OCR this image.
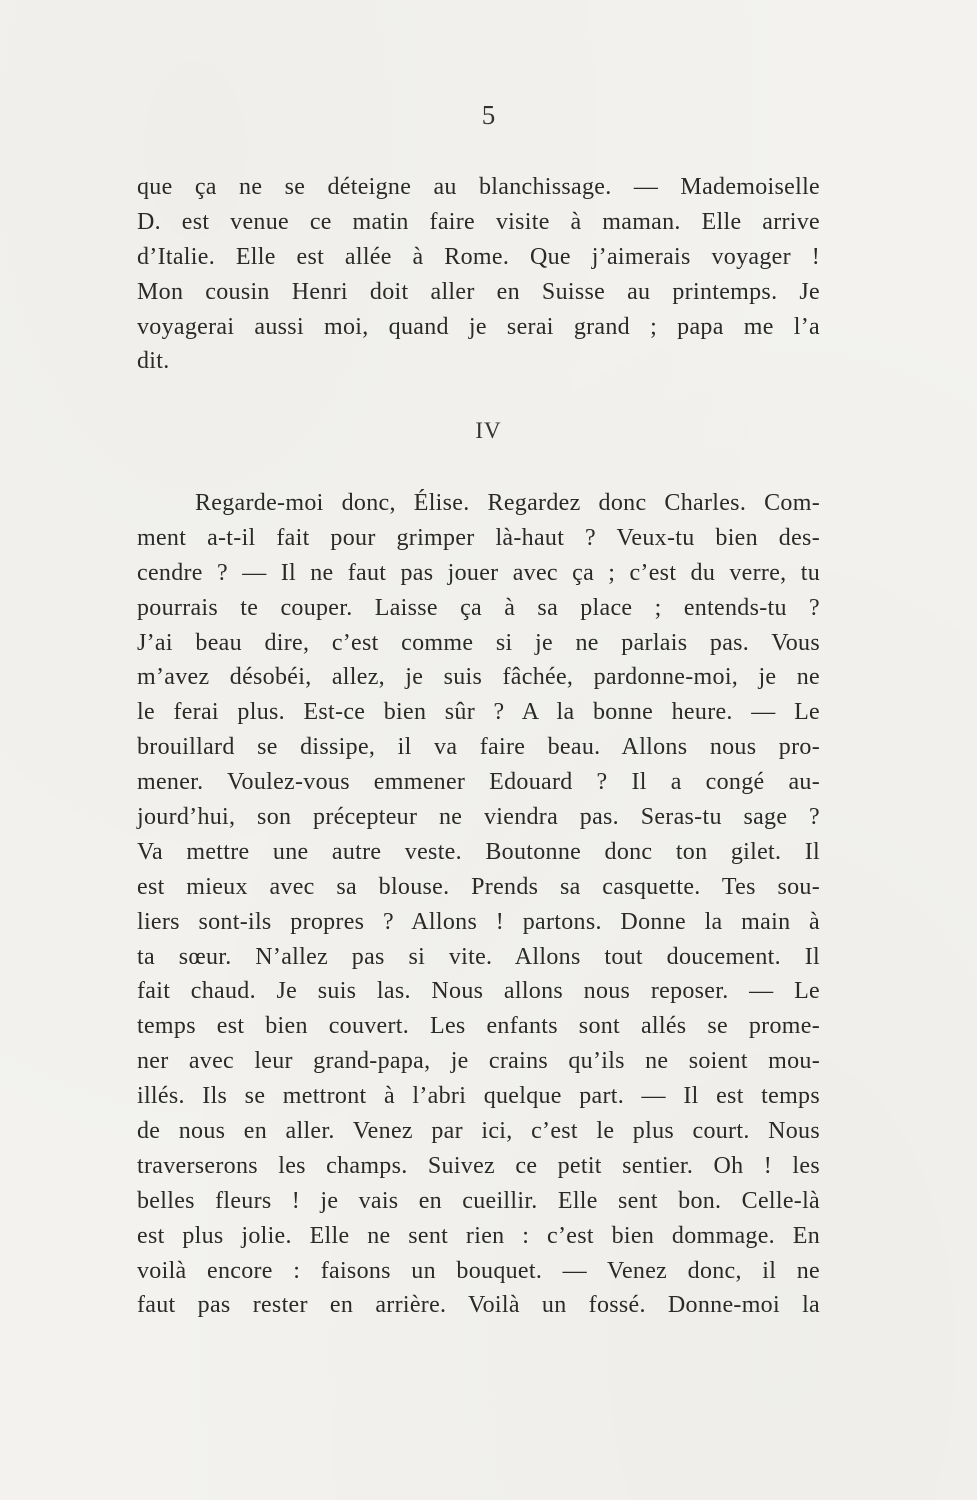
5
que ça ne se déteigne au blanchissage. — Mademoiselle
D. est venue ce matin faire visite à maman. Elle arrive
d’Italie. Elle est allée à Rome. Que j’aimerais voyager !
Mon cousin Henri doit aller en Suisse au printemps. Je
voyagerai aussi moi, quand je serai grand ; papa me l’a
dit.
IV
Regarde-moi donc, Élise. Regardez donc Charles. Com-
ment a-t-il fait pour grimper là-haut ? Veux-tu bien des-
cendre ? — Il ne faut pas jouer avec ça ; c’est du verre, tu
pourrais te couper. Laisse ça à sa place ; entends-tu ?
J’ai beau dire, c’est comme si je ne parlais pas. Vous
m’avez désobéi, allez, je suis fâchée, pardonne-moi, je ne
le ferai plus. Est-ce bien sûr ? A la bonne heure. — Le
brouillard se dissipe, il va faire beau. Allons nous pro-
mener. Voulez-vous emmener Edouard ? Il a congé au-
jourd’hui, son précepteur ne viendra pas. Seras-tu sage ?
Va mettre une autre veste. Boutonne donc ton gilet. Il
est mieux avec sa blouse. Prends sa casquette. Tes sou-
liers sont-ils propres ? Allons ! partons. Donne la main à
ta sœur. N’allez pas si vite. Allons tout doucement. Il
fait chaud. Je suis las. Nous allons nous reposer. — Le
temps est bien couvert. Les enfants sont allés se prome-
ner avec leur grand-papa, je crains qu’ils ne soient mou-
illés. Ils se mettront à l’abri quelque part. — Il est temps
de nous en aller. Venez par ici, c’est le plus court. Nous
traverserons les champs. Suivez ce petit sentier. Oh ! les
belles fleurs ! je vais en cueillir. Elle sent bon. Celle-là
est plus jolie. Elle ne sent rien : c’est bien dommage. En
voilà encore : faisons un bouquet. — Venez donc, il ne
faut pas rester en arrière. Voilà un fossé. Donne-moi la
